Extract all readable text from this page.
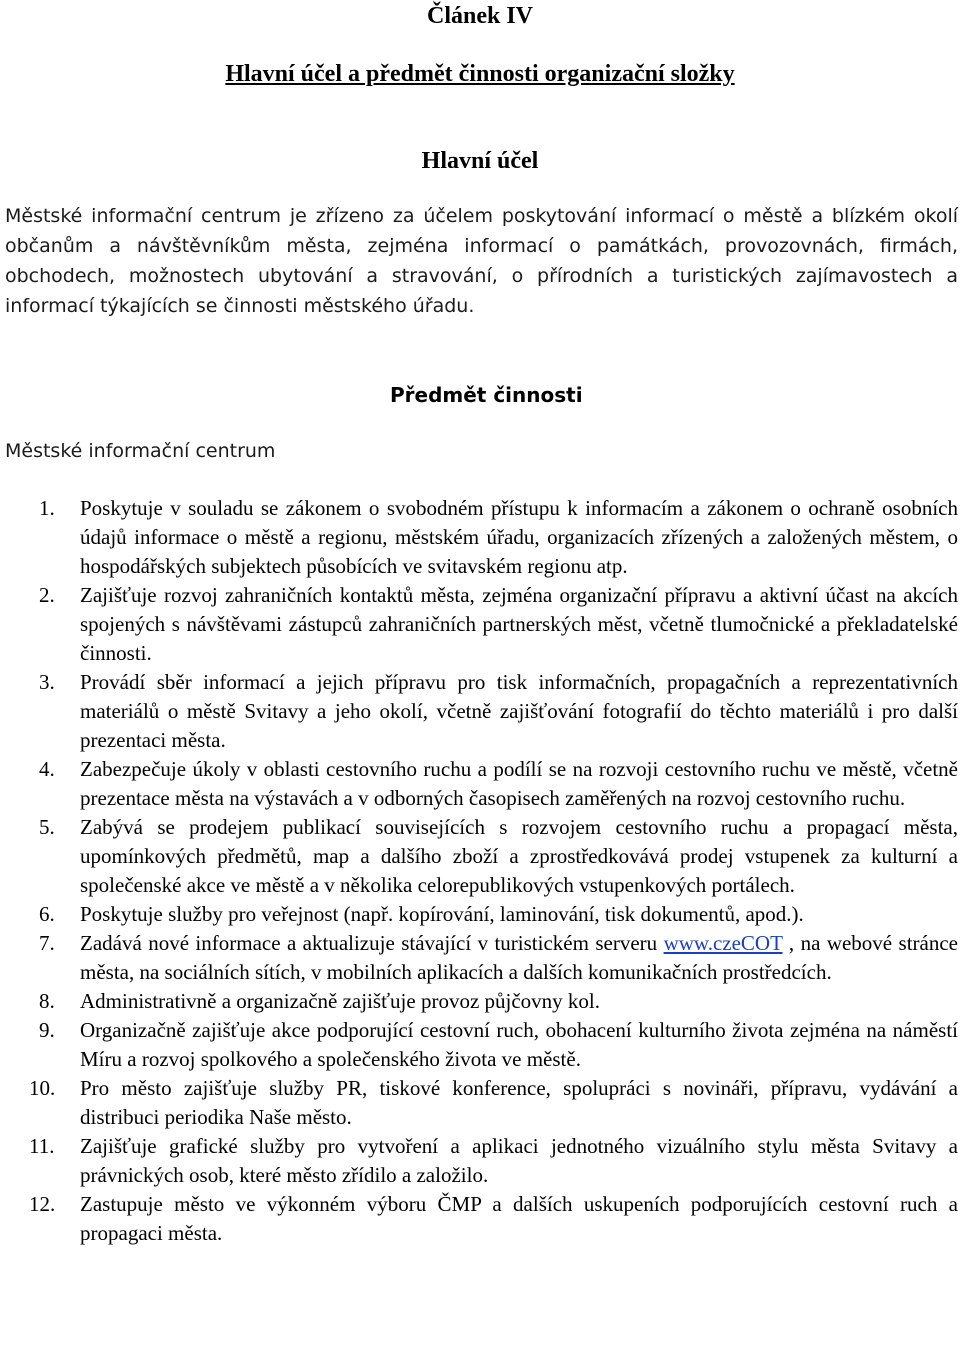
Článek IV
Hlavní účel a předmět činnosti organizační složky
Hlavní účel
Městské informační centrum je zřízeno za účelem poskytování informací o městě a blízkém okolí občanům a návštěvníkům města, zejména informací o památkách, provozovnách, firmách, obchodech, možnostech ubytování a stravování, o přírodních a turistických zajímavostech a informací týkajících se činnosti městského úřadu.
Předmět činnosti
Městské informační centrum
1.	Poskytuje v souladu se zákonem o svobodném přístupu k informacím a zákonem o ochraně osobních údajů informace o městě a regionu, městském úřadu, organizacích zřízených a založených městem, o hospodářských subjektech působících ve svitavském regionu atp.
2.	Zajišťuje rozvoj zahraničních kontaktů města, zejména organizační přípravu a aktivní účast na akcích spojených s návštěvami zástupců zahraničních partnerských měst, včetně tlumočnické a překladatelské činnosti.
3.	Provádí sběr informací a jejich přípravu pro tisk informačních, propagačních a reprezentativních materiálů o městě Svitavy a jeho okolí, včetně zajišťování fotografií do těchto materiálů i pro další prezentaci města.
4.	Zabezpečuje úkoly v oblasti cestovního ruchu a podílí se na rozvoji cestovního ruchu ve městě, včetně prezentace města na výstavách a v odborných časopisech zaměřených na rozvoj cestovního ruchu.
5.	Zabývá se prodejem publikací souvisejících s rozvojem cestovního ruchu a propagací města, upomínkových předmětů, map a dalšího zboží a zprostředkovává prodej vstupenek za kulturní a společenské akce ve městě a v několika celorepublikových vstupenkových portálech.
6.	Poskytuje služby pro veřejnost (např. kopírování, laminování, tisk dokumentů, apod.).
7.	Zadává nové informace a aktualizuje stávající v turistickém serveru www.czeCOT , na webové stránce města, na sociálních sítích, v mobilních aplikacích a dalších komunikačních prostředcích.
8.	Administrativně a organizačně zajišťuje provoz půjčovny kol.
9.	Organizačně zajišťuje akce podporující cestovní ruch, obohacení kulturního života zejména na náměstí Míru a rozvoj spolkového a společenského života ve městě.
10.	Pro město zajišťuje služby PR, tiskové konference, spolupráci s novináři, přípravu, vydávání a distribuci periodika Naše město.
11.	Zajišťuje grafické služby pro vytvoření a aplikaci jednotného vizuálního stylu města Svitavy a právnických osob, které město zřídilo a založilo.
12.	Zastupuje město ve výkonném výboru ČMP a dalších uskupeních podporujících cestovní ruch a propagaci města.
